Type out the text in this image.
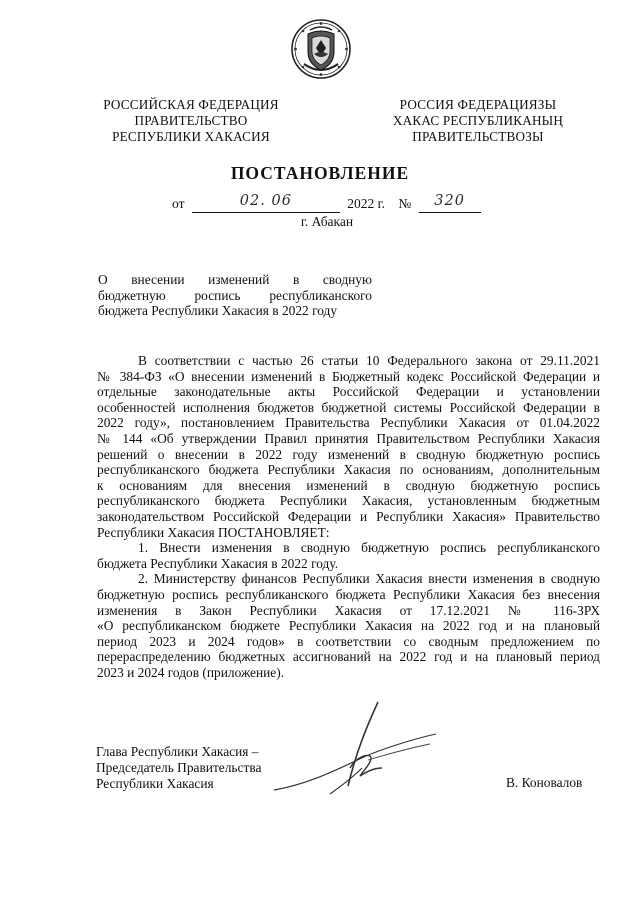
РОССИЙСКАЯ ФЕДЕРАЦИЯ
ПРАВИТЕЛЬСТВО
РЕСПУБЛИКИ ХАКАСИЯ
РОССИЯ ФЕДЕРАЦИЯЗЫ
ХАКАС РЕСПУБЛИКАНЫҢ
ПРАВИТЕЛЬСТВОЗЫ
ПОСТАНОВЛЕНИЕ
от	02. 06	2022 г. № 320
г. Абакан
О внесении изменений в сводную
бюджетную роспись республиканского
бюджета Республики Хакасия в 2022 году
В соответствии с частью 26 статьи 10 Федерального закона от 29.11.2021
№ 384-ФЗ «О внесении изменений в Бюджетный кодекс Российской Федерации и
отдельные законодательные акты Российской Федерации и установлении
особенностей исполнения бюджетов бюджетной системы Российской Федерации в
2022 году», постановлением Правительства Республики Хакасия от 01.04.2022
№ 144 «Об утверждении Правил принятия Правительством Республики Хакасия
решений о внесении в 2022 году изменений в сводную бюджетную роспись
республиканского бюджета Республики Хакасия по основаниям, дополнительным
к основаниям для внесения изменений в сводную бюджетную роспись
республиканского бюджета Республики Хакасия, установленным бюджетным
законодательством Российской Федерации и Республики Хакасия» Правительство
Республики Хакасия ПОСТАНОВЛЯЕТ:
1. Внести изменения в сводную бюджетную роспись республиканского
бюджета Республики Хакасия в 2022 году.
2. Министерству финансов Республики Хакасия внести изменения в сводную
бюджетную роспись республиканского бюджета Республики Хакасия без внесения
изменения в Закон Республики Хакасия от 17.12.2021 № 116-ЗРХ
«О республиканском бюджете Республики Хакасия на 2022 год и на плановый
период 2023 и 2024 годов» в соответствии со сводным предложением по
перераспределению бюджетных ассигнований на 2022 год и на плановый период
2023 и 2024 годов (приложение).
Глава Республики Хакасия –
Председатель Правительства
Республики Хакасия	В. Коновалов
